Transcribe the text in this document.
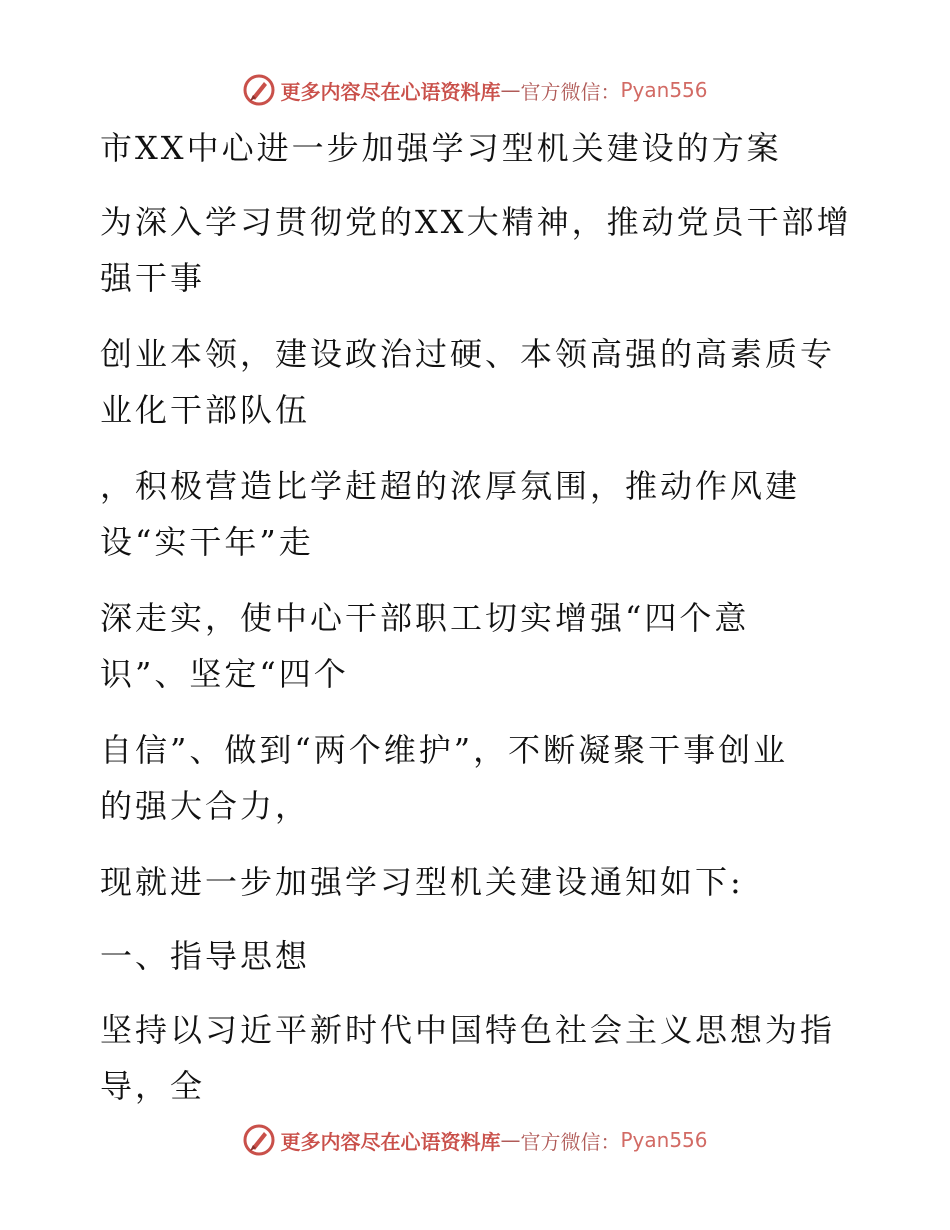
更多内容尽在心语资料库 — 官方微信： Pyan556
市XX中心进一步加强学习型机关建设的方案
为深入学习贯彻党的XX大精神，推动党员干部增
强干事
创业本领，建设政治过硬、本领高强的高素质专
业化干部队伍
，积极营造比学赶超的浓厚氛围，推动作风建
设“实干年”走
深走实，使中心干部职工切实增强“四个意
识”、坚定“四个
自信”、做到“两个维护”，不断凝聚干事创业
的强大合力，
现就进一步加强学习型机关建设通知如下:
一、指导思想
坚持以习近平新时代中国特色社会主义思想为指
导，全
更多内容尽在心语资料库 — 官方微信： Pyan556
